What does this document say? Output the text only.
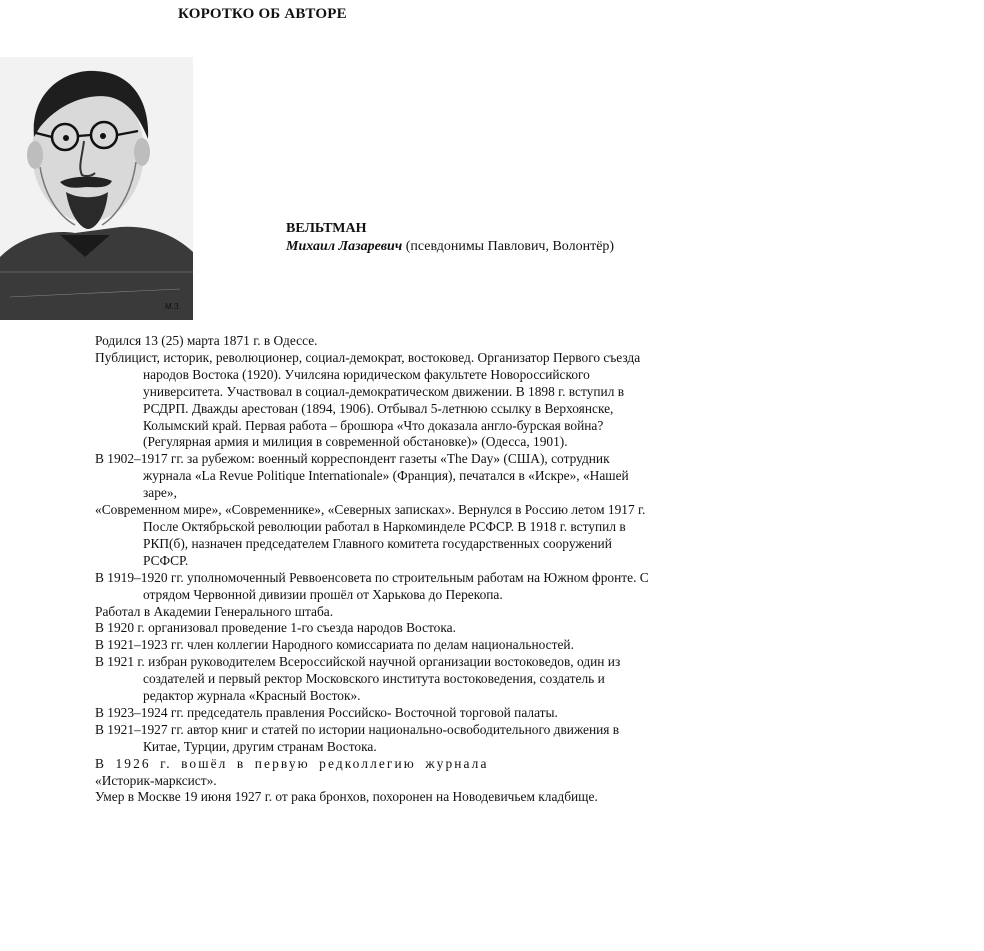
КОРОТКО ОБ АВТОРЕ
М.З.
ВЕЛЬТМАН
Михаил Лазаревич (псевдонимы Павлович, Волонтёр)

Родился 13 (25) марта 1871 г. в Одессе.

Публицист, историк, революционер, социал-демократ, востоковед. Организатор Первого съезда народов Востока (1920). Училсяна юридическом факультете Новороссийского университета. Участвовал в социал-демократическом движении. В 1898 г. вступил в РСДРП. Дважды арестован (1894, 1906). Отбывал 5-летнюю ссылку в Верхоянске, Колымский край. Первая работа – брошюра «Что доказала англо-бурская война? (Регулярная армия и милиция в современной обстановке)» (Одесса, 1901).

В 1902–1917 гг. за рубежом: военный корреспондент газеты «The Day» (США), сотрудник журнала «La Revue Politique Internationale» (Франция), печатался в «Искре», «Нашей заре»,

«Современном мире», «Современнике», «Северных записках». Вернулся в Россию летом 1917 г. После Октябрьской революции работал в Наркоминделе РСФСР. В 1918 г. вступил в РКП(б), назначен председателем Главного комитета государственных сооружений РСФСР.

В 1919–1920 гг. уполномоченный Реввоенсовета по строительным работам на Южном фронте. С отрядом Червонной дивизии прошёл от Харькова до Перекопа.

Работал в Академии Генерального штаба.

В 1920 г. организовал проведение 1-го съезда народов Востока.

В 1921–1923 гг. член коллегии Народного комиссариата по делам национальностей.

В 1921 г. избран руководителем Всероссийской научной организации востоковедов, один из создателей и первый ректор Московского института востоковедения, создатель и редактор журнала «Красный Восток».

В 1923–1924 гг. председатель правления Российско- Восточной торговой палаты.

В 1921–1927 гг. автор книг и статей по истории национально-освободительного движения в Китае, Турции, другим странам Востока.

В 1926 г. вошёл в первую редколлегию журнала

«Историк-марксист».

Умер в Москве 19 июня 1927 г. от рака бронхов, похоронен на Новодевичьем кладбище.
